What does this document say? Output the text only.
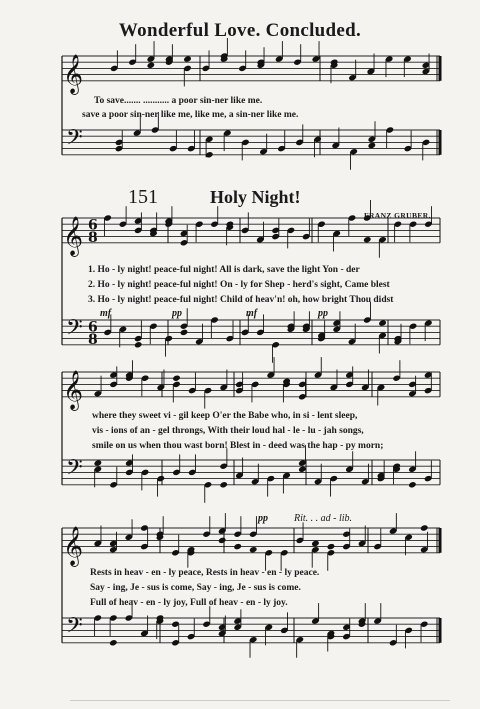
𝄞
𝄢
𝄞 6
8
𝄢 6
8
𝄞
𝄢
𝄞
𝄢
Wonderful Love. Concluded.
To save....... ........... a poor sin-ner like me.
save a poor sin-ner like me, like me, a sin-ner like me.
151	Holy Night!
FRANZ GRUBER.
1. Ho - ly night! peace-ful night! All is dark, save the light Yon - der
2. Ho - ly night! peace-ful night! On - ly for Shep - herd's sight, Came blest
3. Ho - ly night! peace-ful night! Child of heav'n! oh, how bright Thou didst
mf	pp	mf	pp
where they sweet vi - gil keep O'er the Babe who, in si - lent sleep,
vis - ions of an - gel throngs, With their loud hal - le - lu - jah songs,
smile on us when thou wast born! Blest in - deed was the hap - py morn;
pp	Rit. . . ad - lib.
Rests in heav - en - ly peace, Rests in heav - en - ly peace.
Say - ing, Je - sus is come, Say - ing, Je - sus is come.
Full of heav - en - ly joy, Full of heav - en - ly joy.
